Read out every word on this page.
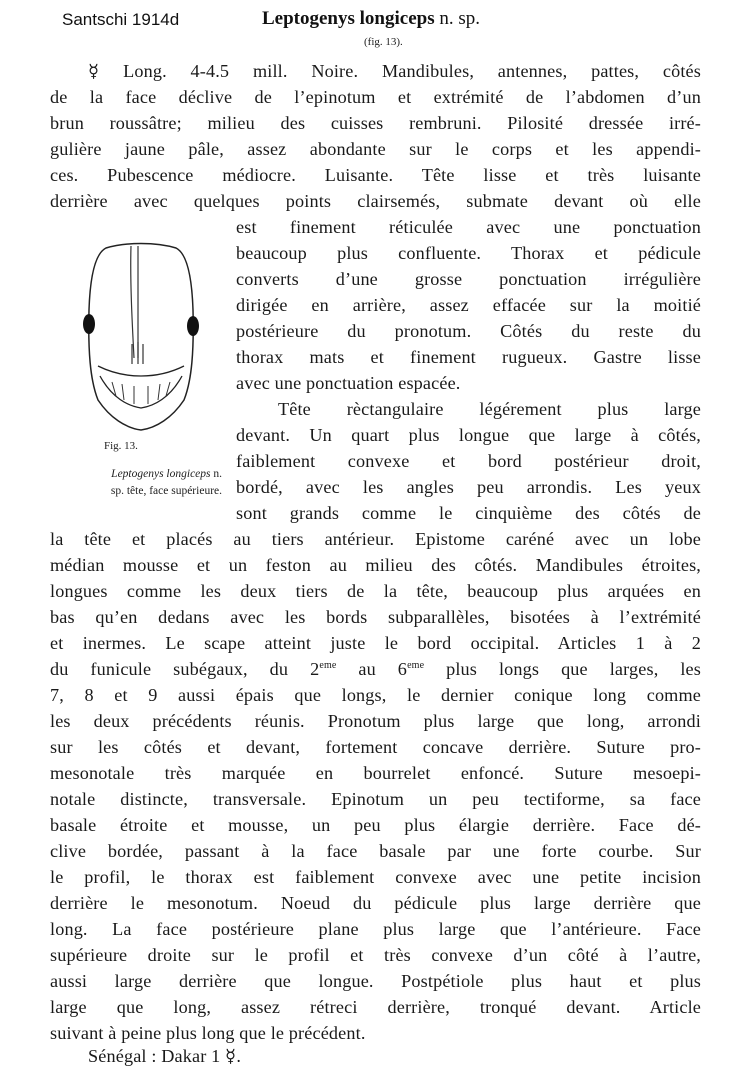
Santschi 1914d	Leptogenys longiceps n. sp.
(fig. 13).
☿ Long. 4-4.5 mill. Noire. Mandibules, antennes, pattes, côtés
de la face déclive de l’epinotum et extrémité de l’abdomen d’un
brun roussâtre; milieu des cuisses rembruni. Pilosité dressée irré-
gulière jaune pâle, assez abondante sur le corps et les appendi-
ces. Pubescence médiocre. Luisante. Tête lisse et très luisante
derrière avec quelques points clairsemés, submate devant où elle
est finement réticulée avec une ponctuation
beaucoup plus confluente. Thorax et pédicule
converts d’une grosse ponctuation irrégulière
dirigée en arrière, assez effacée sur la moitié
postérieure du pronotum. Côtés du reste du
thorax mats et finement rugueux. Gastre lisse
avec une ponctuation espacée.
Tête rèctangulaire légérement plus large
devant. Un quart plus longue que large à côtés,
faiblement convexe et bord postérieur droit,
bordé, avec les angles peu arrondis. Les yeux
sont grands comme le cinquième des côtés de
la tête et placés au tiers antérieur. Epistome caréné avec un lobe
médian mousse et un feston au milieu des côtés. Mandibules étroites,
longues comme les deux tiers de la tête, beaucoup plus arquées en
bas qu’en dedans avec les bords subparallèles, bisotées à l’extrémité
et inermes. Le scape atteint juste le bord occipital. Articles 1 à 2
du funicule subégaux, du 2eme au 6eme plus longs que larges, les
7, 8 et 9 aussi épais que longs, le dernier conique long comme
les deux précédents réunis. Pronotum plus large que long, arrondi
sur les côtés et devant, fortement concave derrière. Suture pro-
mesonotale très marquée en bourrelet enfoncé. Suture mesoepi-
notale distincte, transversale. Epinotum un peu tectiforme, sa face
basale étroite et mousse, un peu plus élargie derrière. Face dé-
clive bordée, passant à la face basale par une forte courbe. Sur
le profil, le thorax est faiblement convexe avec une petite incision
derrière le mesonotum. Noeud du pédicule plus large derrière que
long. La face postérieure plane plus large que l’antérieure. Face
supérieure droite sur le profil et très convexe d’un côté à l’autre,
aussi large derrière que longue. Postpétiole plus haut et plus
large que long, assez rétreci derrière, tronqué devant. Article
suivant à peine plus long que le précédent.
Sénégal : Dakar 1 ☿.
Fig. 13.
Leptogenys longiceps n.
sp. tête, face supérieure.
